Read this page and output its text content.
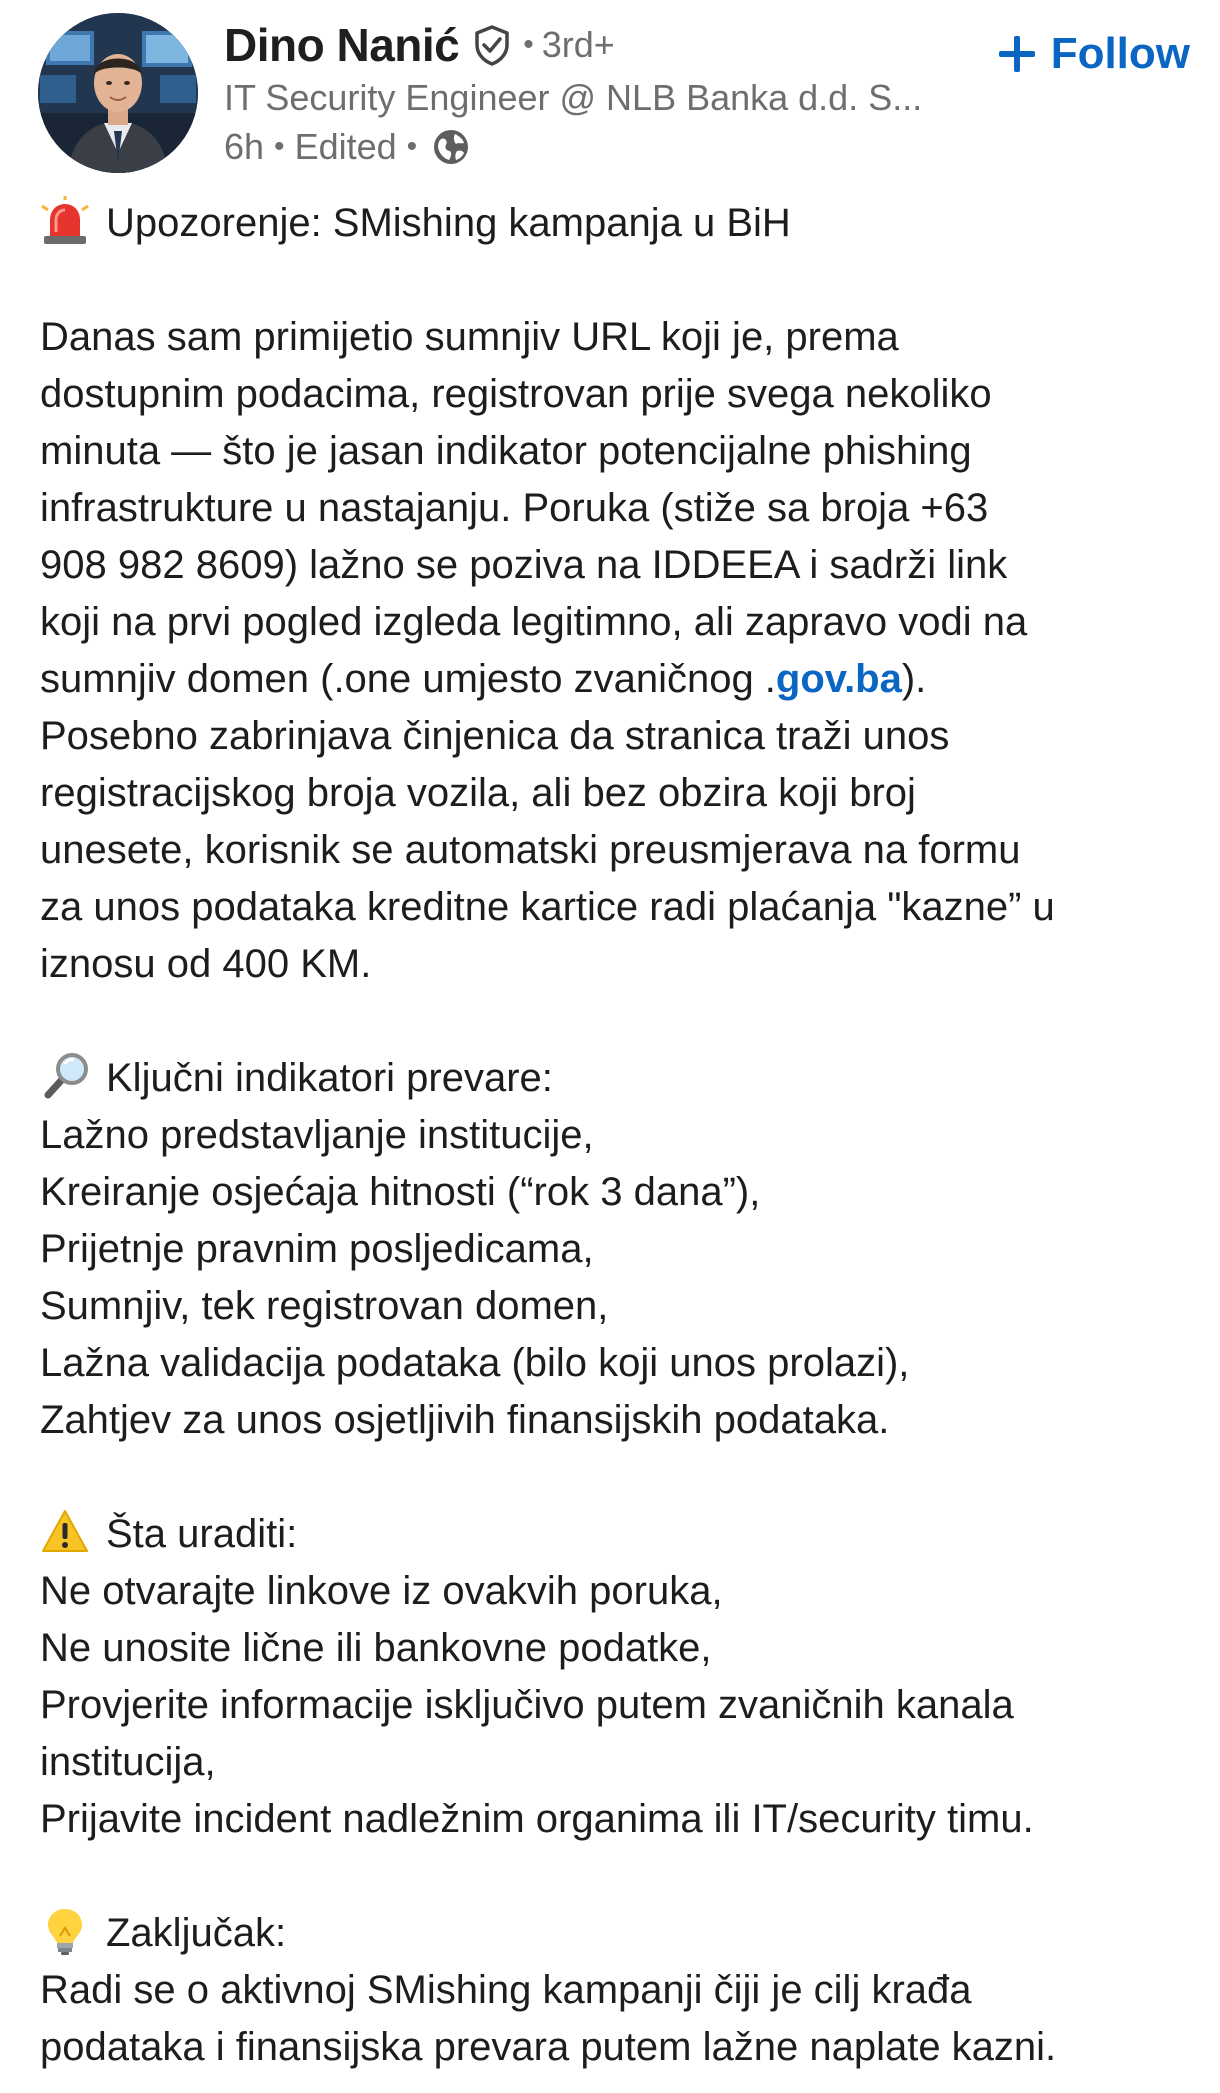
Dino Nanić • 3rd+
IT Security Engineer @ NLB Banka d.d. S...
6h • Edited •
Follow

Upozorenje: SMishing kampanja u BiH

Danas sam primijetio sumnjiv URL koji je, prema

dostupnim podacima, registrovan prije svega nekoliko

minuta — što je jasan indikator potencijalne phishing

infrastrukture u nastajanju. Poruka (stiže sa broja +63

908 982 8609) lažno se poziva na IDDEEA i sadrži link

koji na prvi pogled izgleda legitimno, ali zapravo vodi na

sumnjiv domen (.one umjesto zvaničnog .gov.ba).

Posebno zabrinjava činjenica da stranica traži unos

registracijskog broja vozila, ali bez obzira koji broj

unesete, korisnik se automatski preusmjerava na formu

za unos podataka kreditne kartice radi plaćanja "kazne” u

iznosu od 400 KM.

Ključni indikatori prevare:

Lažno predstavljanje institucije,

Kreiranje osjećaja hitnosti (“rok 3 dana”),

Prijetnje pravnim posljedicama,

Sumnjiv, tek registrovan domen,

Lažna validacija podataka (bilo koji unos prolazi),

Zahtjev za unos osjetljivih finansijskih podataka.

Šta uraditi:

Ne otvarajte linkove iz ovakvih poruka,

Ne unosite lične ili bankovne podatke,

Provjerite informacije isključivo putem zvaničnih kanala

institucija,

Prijavite incident nadležnim organima ili IT/security timu.

Zaključak:

Radi se o aktivnoj SMishing kampanji čiji je cilj krađa

podataka i finansijska prevara putem lažne naplate kazni.
